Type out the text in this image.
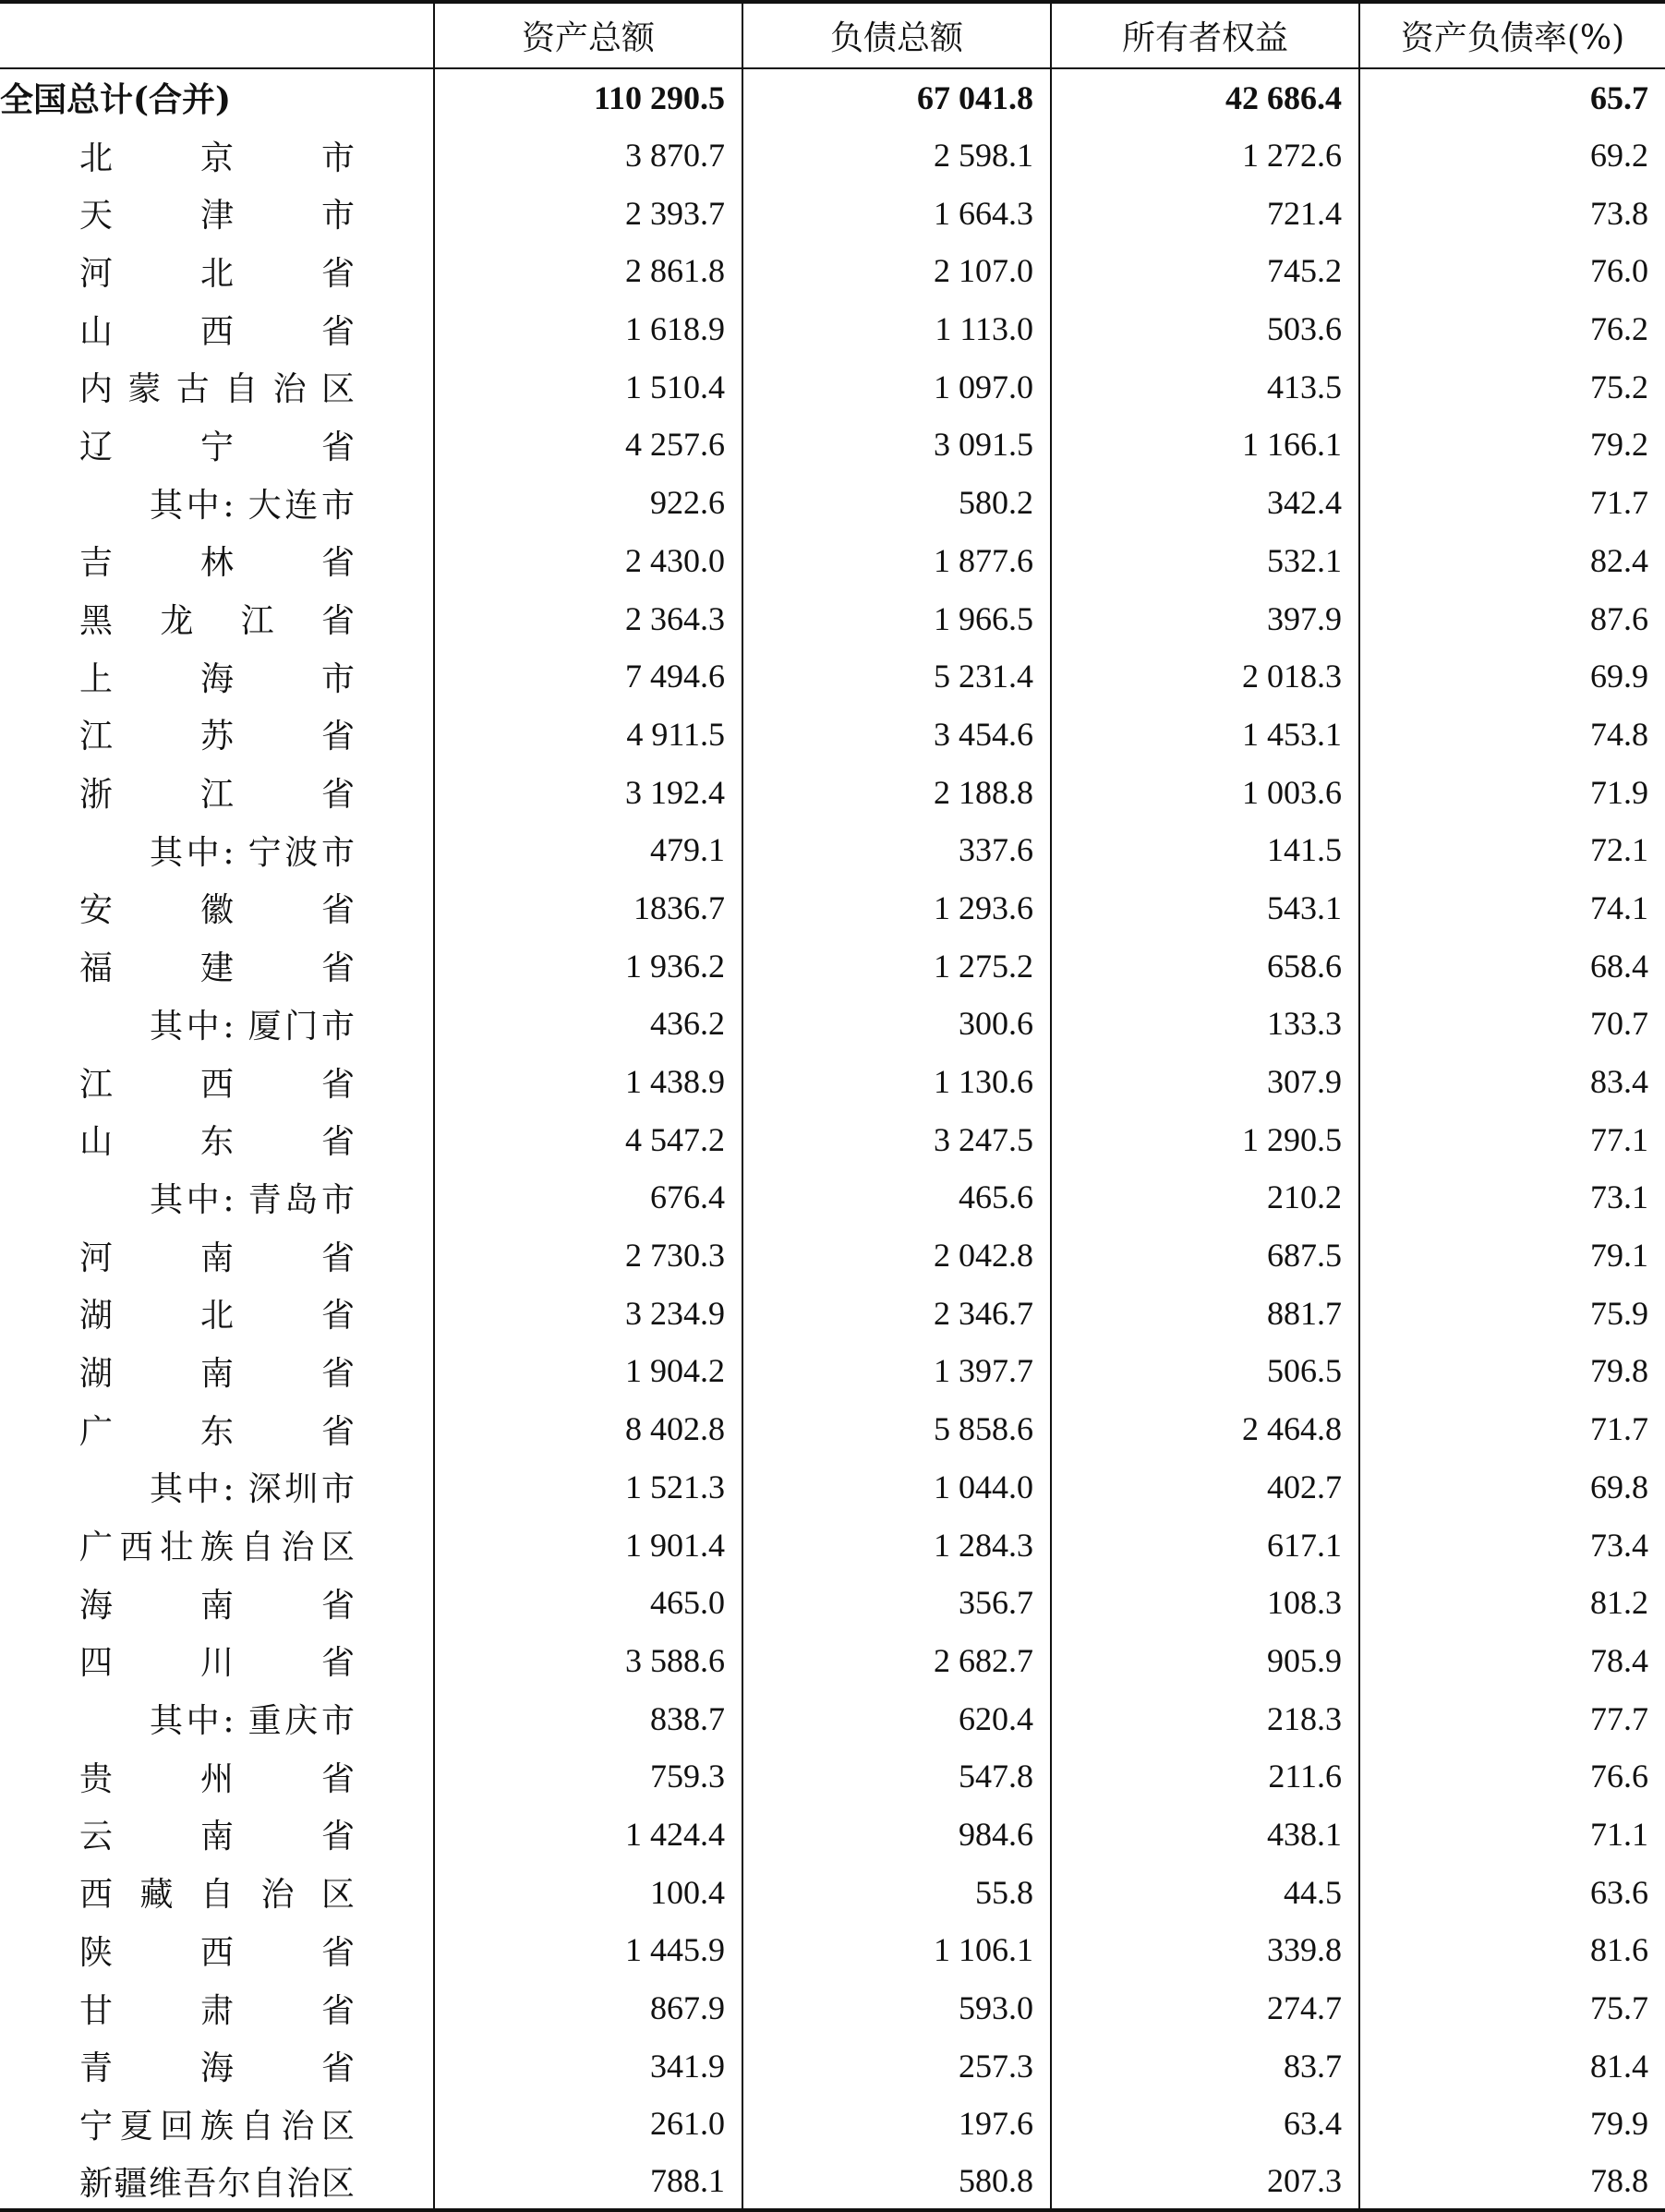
	资产总额	负债总额	所有者权益	资产负债率(%)
全国总计(合并)	110 290.5	67 041.8	42 686.4	65.7
北京市	3 870.7	2 598.1	1 272.6	69.2
天津市	2 393.7	1 664.3	721.4	73.8
河北省	2 861.8	2 107.0	745.2	76.0
山西省	1 618.9	1 113.0	503.6	76.2
内蒙古自治区	1 510.4	1 097.0	413.5	75.2
辽宁省	4 257.6	3 091.5	1 166.1	79.2
其中: 大连市	922.6	580.2	342.4	71.7
吉林省	2 430.0	1 877.6	532.1	82.4
黑龙江省	2 364.3	1 966.5	397.9	87.6
上海市	7 494.6	5 231.4	2 018.3	69.9
江苏省	4 911.5	3 454.6	1 453.1	74.8
浙江省	3 192.4	2 188.8	1 003.6	71.9
其中: 宁波市	479.1	337.6	141.5	72.1
安徽省	1836.7	1 293.6	543.1	74.1
福建省	1 936.2	1 275.2	658.6	68.4
其中: 厦门市	436.2	300.6	133.3	70.7
江西省	1 438.9	1 130.6	307.9	83.4
山东省	4 547.2	3 247.5	1 290.5	77.1
其中: 青岛市	676.4	465.6	210.2	73.1
河南省	2 730.3	2 042.8	687.5	79.1
湖北省	3 234.9	2 346.7	881.7	75.9
湖南省	1 904.2	1 397.7	506.5	79.8
广东省	8 402.8	5 858.6	2 464.8	71.7
其中: 深圳市	1 521.3	1 044.0	402.7	69.8
广西壮族自治区	1 901.4	1 284.3	617.1	73.4
海南省	465.0	356.7	108.3	81.2
四川省	3 588.6	2 682.7	905.9	78.4
其中: 重庆市	838.7	620.4	218.3	77.7
贵州省	759.3	547.8	211.6	76.6
云南省	1 424.4	984.6	438.1	71.1
西藏自治区	100.4	55.8	44.5	63.6
陕西省	1 445.9	1 106.1	339.8	81.6
甘肃省	867.9	593.0	274.7	75.7
青海省	341.9	257.3	83.7	81.4
宁夏回族自治区	261.0	197.6	63.4	79.9
新疆维吾尔自治区	788.1	580.8	207.3	78.8
